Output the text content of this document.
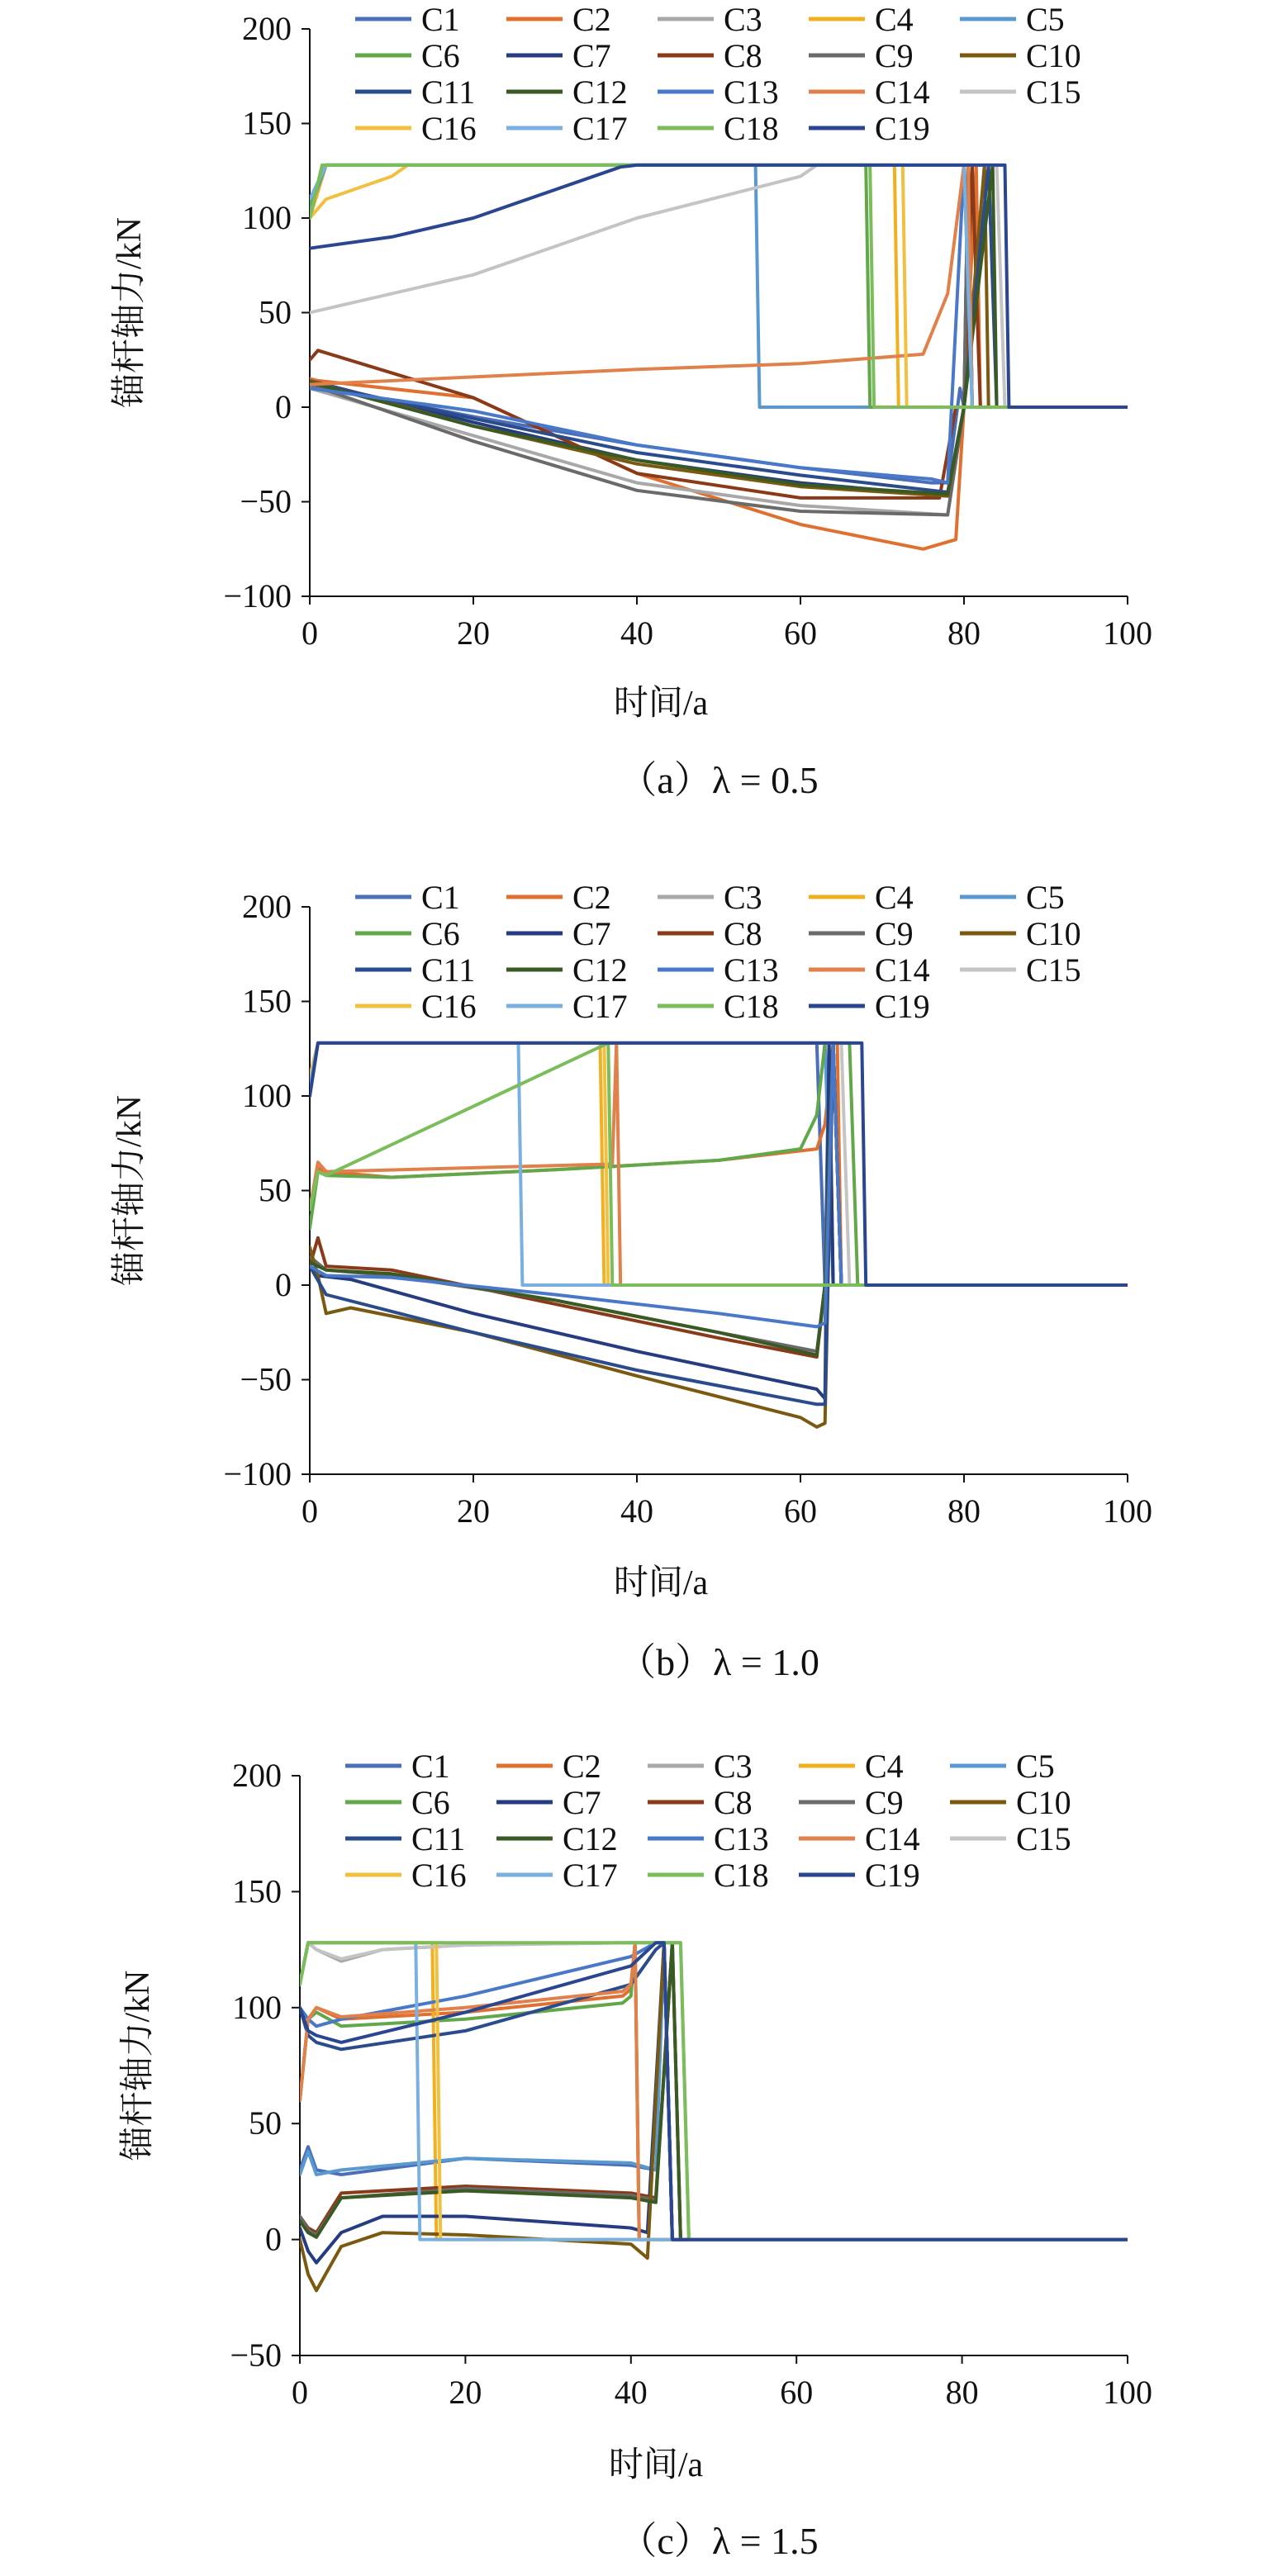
−100
−50
0
50
100
150
200
0	20	40	60	80	100
时间/a
锚杆轴力/kN
（a）λ = 0.5
C1	C2	C3	C4	C5
C6	C7	C8	C9	C10
C11	C12	C13	C14	C15
C16	C17	C18	C19
−100
−50
0
50
100
150
200
0	20	40	60	80	100
时间/a
锚杆轴力/kN
（b）λ = 1.0
C1	C2	C3	C4	C5
C6	C7	C8	C9	C10
C11	C12	C13	C14	C15
C16	C17	C18	C19
−50
0
50
100
150
200
0	20	40	60	80	100
时间/a
锚杆轴力/kN
（c）λ = 1.5
C1	C2	C3	C4	C5
C6	C7	C8	C9	C10
C11	C12	C13	C14	C15
C16	C17	C18	C19
